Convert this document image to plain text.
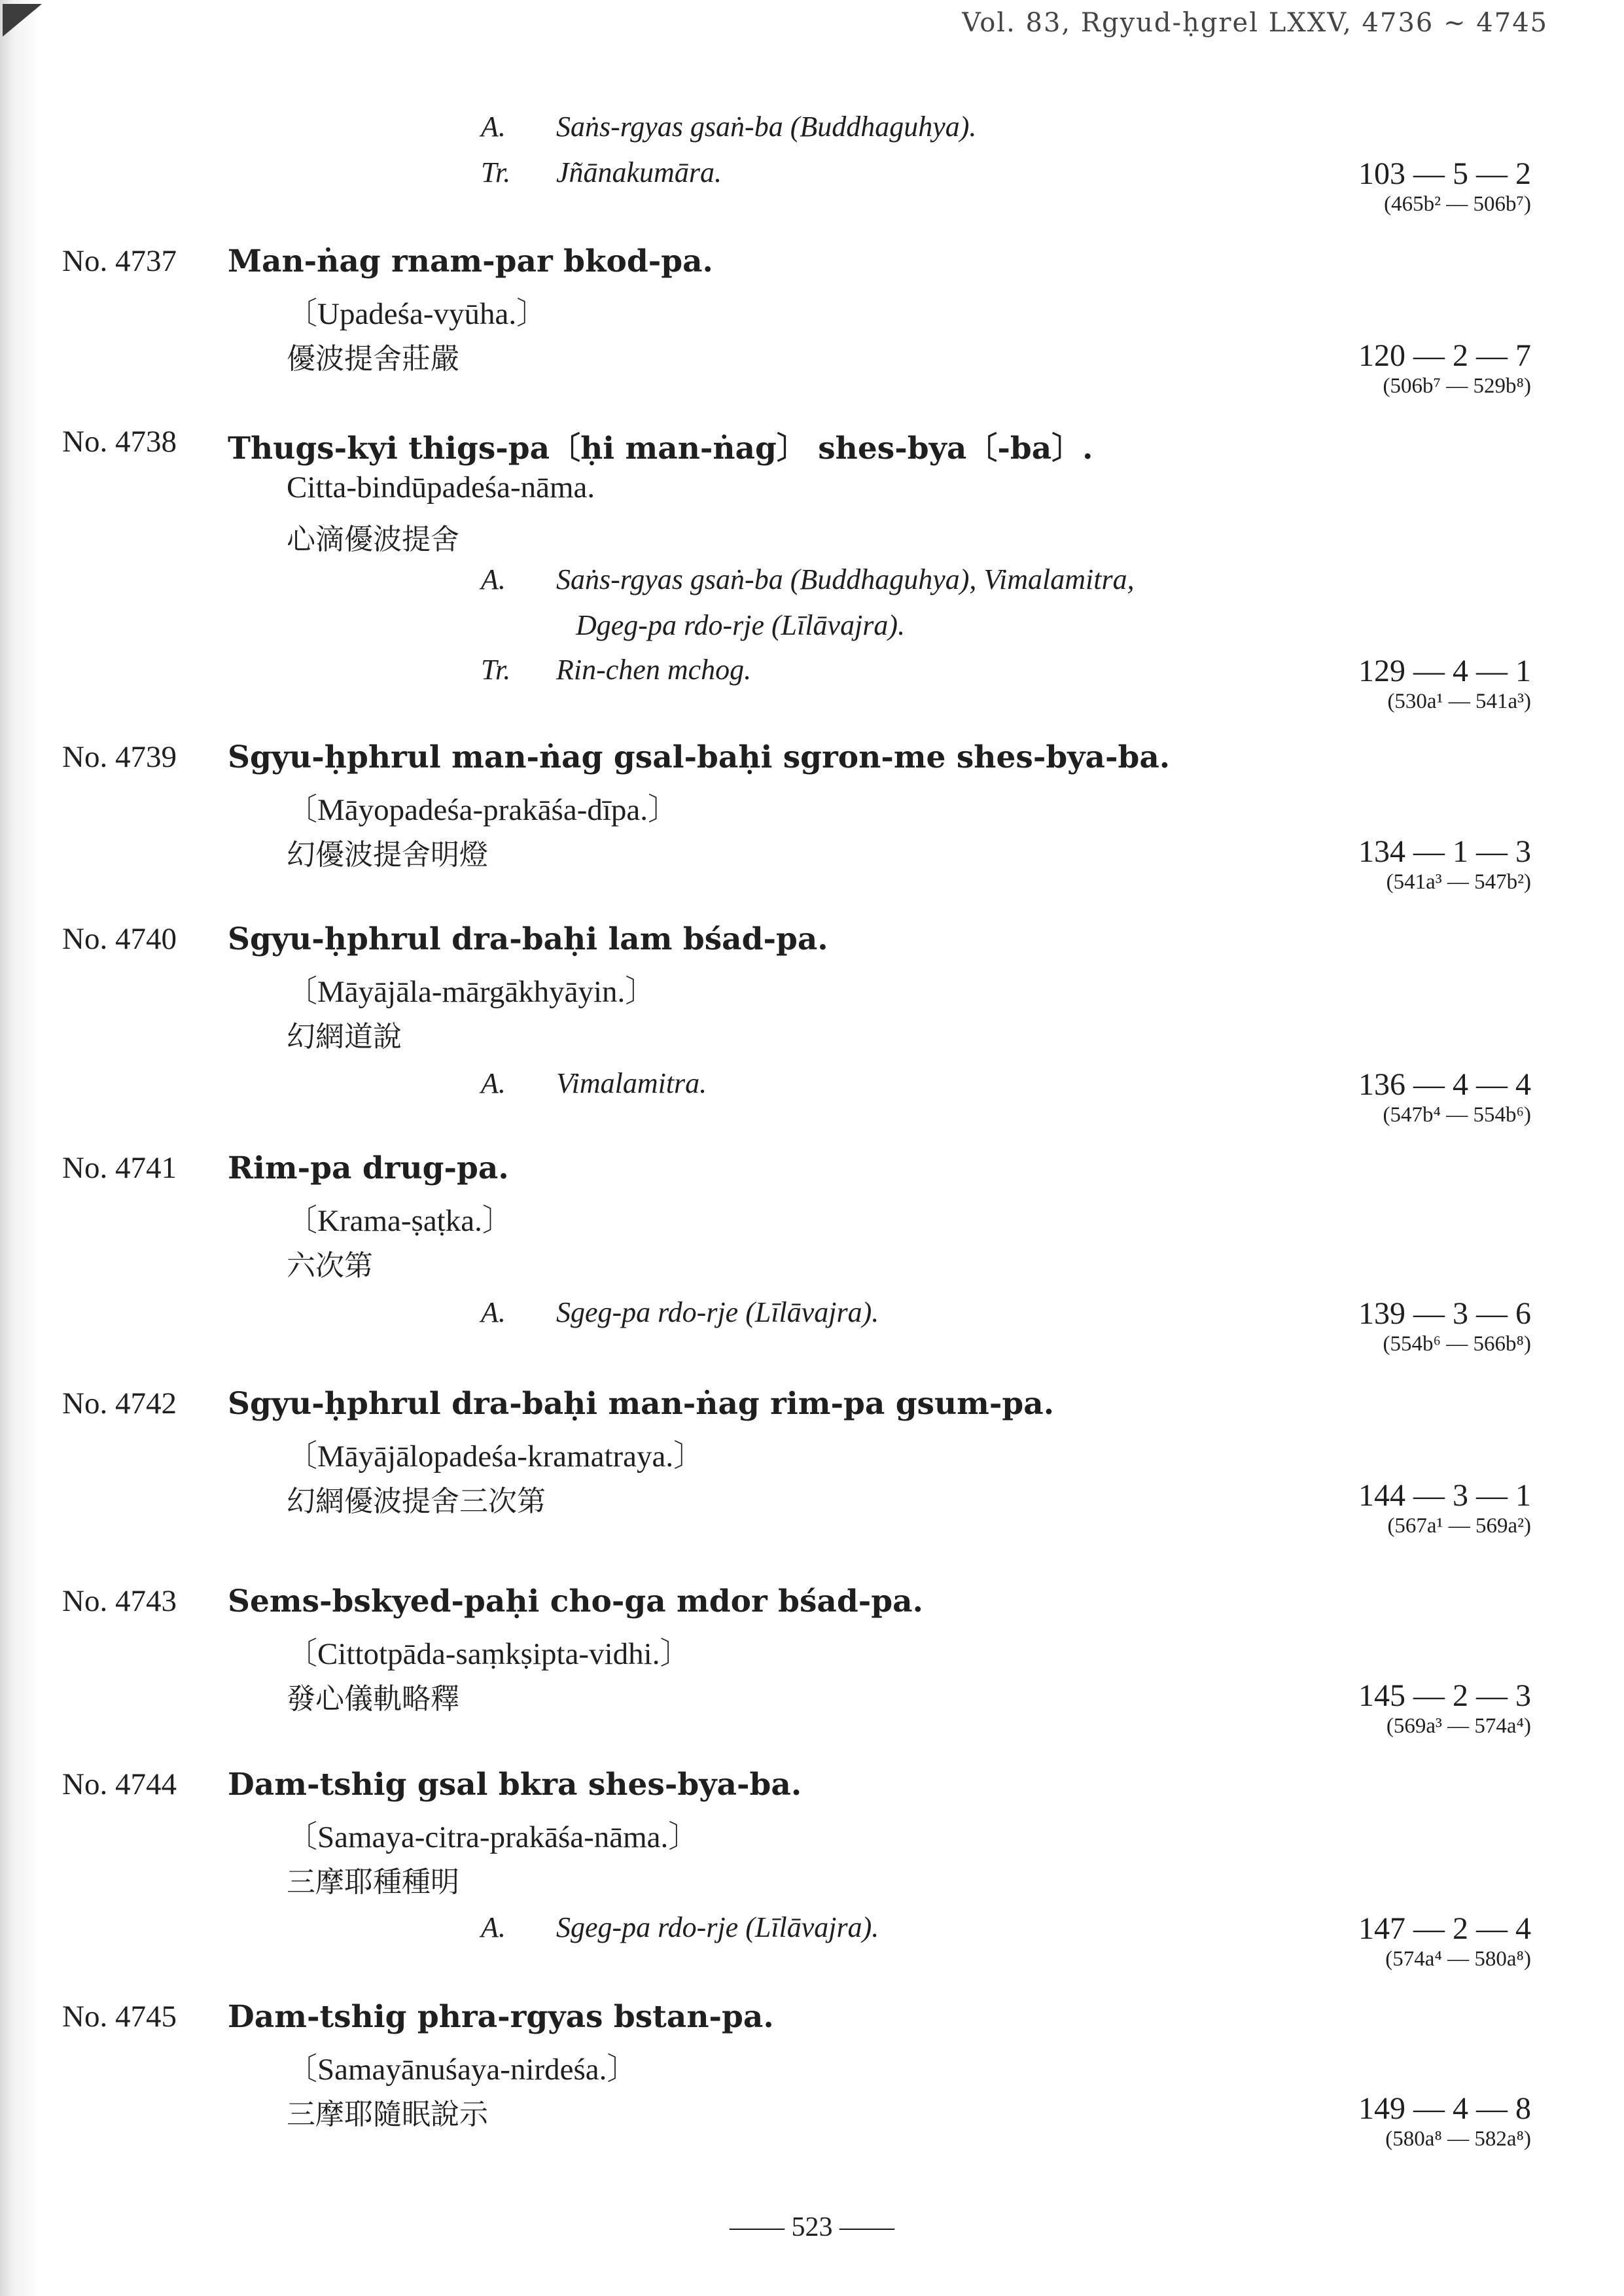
Vol. 83, Rgyud-ḥgrel LXXV, 4736 ~ 4745
A. Saṅs-rgyas gsaṅ-ba (Buddhaguhya).
Tr. Jñānakumāra.	103 — 5 — 2
(465b² — 506b⁷)
No. 4737 Man-ṅag rnam-par bkod-pa.
〔Upadeśa-vyūha.〕
優波提舍莊嚴	120 — 2 — 7
(506b⁷ — 529b⁸)
No. 4738 Thugs-kyi thigs-pa〔ḥi man-ṅag〕 shes-bya〔-ba〕.
Citta-bindūpadeśa-nāma.
心滴優波提舍
A. Saṅs-rgyas gsaṅ-ba (Buddhaguhya), Vimalamitra,
Dgeg-pa rdo-rje (Līlāvajra).
Tr. Rin-chen mchog.	129 — 4 — 1
(530a¹ — 541a³)
No. 4739 Sgyu-ḥphrul man-ṅag gsal-baḥi sgron-me shes-bya-ba.
〔Māyopadeśa-prakāśa-dīpa.〕
幻優波提舍明燈	134 — 1 — 3
(541a³ — 547b²)
No. 4740 Sgyu-ḥphrul dra-baḥi lam bśad-pa.
〔Māyājāla-mārgākhyāyin.〕
幻網道說
A. Vimalamitra.	136 — 4 — 4
(547b⁴ — 554b⁶)
No. 4741 Rim-pa drug-pa.
〔Krama-ṣaṭka.〕
六次第
A. Sgeg-pa rdo-rje (Līlāvajra).	139 — 3 — 6
(554b⁶ — 566b⁸)
No. 4742 Sgyu-ḥphrul dra-baḥi man-ṅag rim-pa gsum-pa.
〔Māyājālopadeśa-kramatraya.〕
幻網優波提舍三次第	144 — 3 — 1
(567a¹ — 569a²)
No. 4743 Sems-bskyed-paḥi cho-ga mdor bśad-pa.
〔Cittotpāda-saṃkṣipta-vidhi.〕
發心儀軌略釋	145 — 2 — 3
(569a³ — 574a⁴)
No. 4744 Dam-tshig gsal bkra shes-bya-ba.
〔Samaya-citra-prakāśa-nāma.〕
三摩耶種種明
A. Sgeg-pa rdo-rje (Līlāvajra).	147 — 2 — 4
(574a⁴ — 580a⁸)
No. 4745 Dam-tshig phra-rgyas bstan-pa.
〔Samayānuśaya-nirdeśa.〕
三摩耶隨眠說示	149 — 4 — 8
(580a⁸ — 582a⁸)
—— 523 ——
